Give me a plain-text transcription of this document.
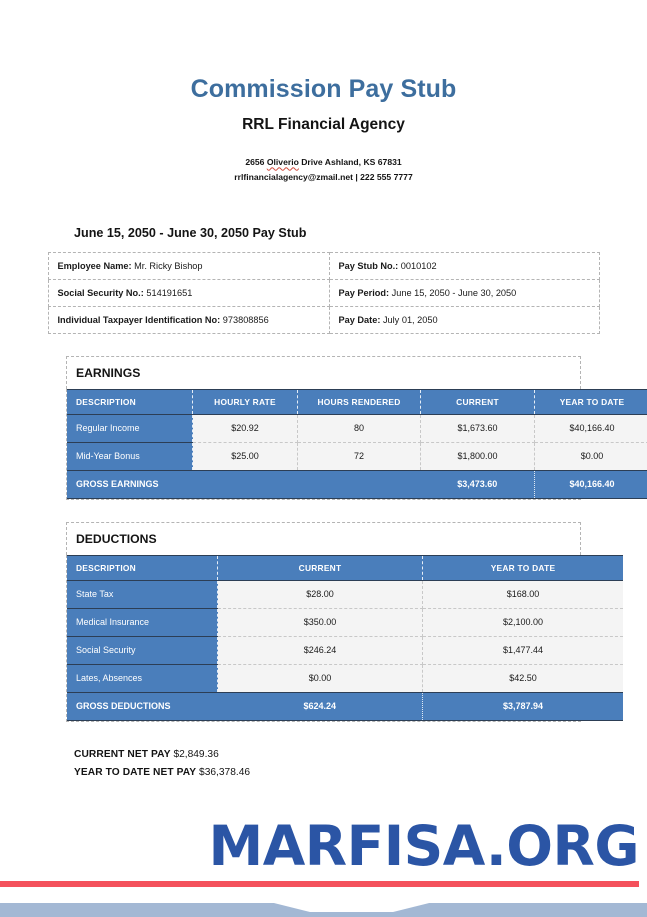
Commission Pay Stub
RRL Financial Agency
2656 Oliverio Drive Ashland, KS 67831
rrlfinancialagency@zmail.net | 222 555 7777
June 15, 2050 - June 30, 2050 Pay Stub
Employee Name: Mr. Ricky Bishop	Pay Stub No.: 0010102
Social Security No.: 514191651	Pay Period: June 15, 2050 - June 30, 2050
Individual Taxpayer Identification No: 973808856	Pay Date: July 01, 2050
EARNINGS
DESCRIPTION	HOURLY RATE	HOURS RENDERED	CURRENT	YEAR TO DATE
Regular Income	$20.92	80	$1,673.60	$40,166.40
Mid-Year Bonus	$25.00	72	$1,800.00	$0.00
GROSS EARNINGS			$3,473.60	$40,166.40
DEDUCTIONS
DESCRIPTION	CURRENT	YEAR TO DATE
State Tax	$28.00	$168.00
Medical Insurance	$350.00	$2,100.00
Social Security	$246.24	$1,477.44
Lates, Absences	$0.00	$42.50
GROSS DEDUCTIONS	$624.24	$3,787.94
CURRENT NET PAY $2,849.36
YEAR TO DATE NET PAY $36,378.46
MARFISA.ORG
